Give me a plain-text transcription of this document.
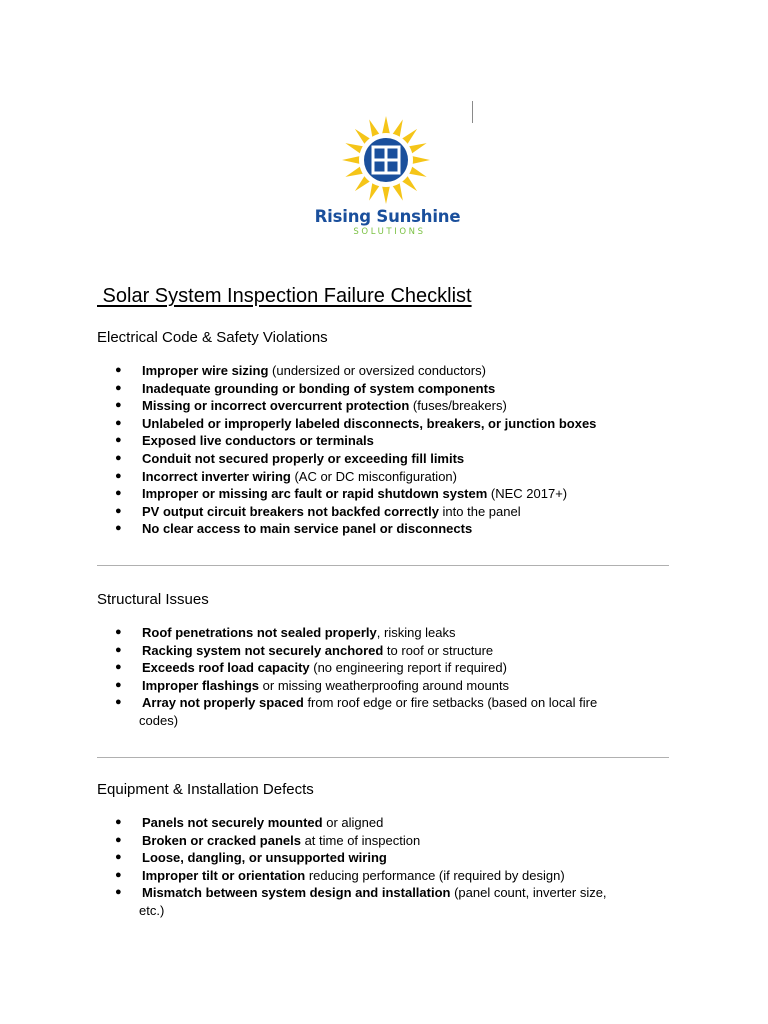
Rising Sunshine
SOLUTIONS
Solar System Inspection Failure Checklist
Electrical Code & Safety Violations
● Improper wire sizing (undersized or oversized conductors)
● Inadequate grounding or bonding of system components
● Missing or incorrect overcurrent protection (fuses/breakers)
● Unlabeled or improperly labeled disconnects, breakers, or junction boxes
● Exposed live conductors or terminals
● Conduit not secured properly or exceeding fill limits
● Incorrect inverter wiring (AC or DC misconfiguration)
● Improper or missing arc fault or rapid shutdown system (NEC 2017+)
● PV output circuit breakers not backfed correctly into the panel
● No clear access to main service panel or disconnects
Structural Issues
● Roof penetrations not sealed properly, risking leaks
● Racking system not securely anchored to roof or structure
● Exceeds roof load capacity (no engineering report if required)
● Improper flashings or missing weatherproofing around mounts
● Array not properly spaced from roof edge or fire setbacks (based on local fire
codes)
Equipment & Installation Defects
● Panels not securely mounted or aligned
● Broken or cracked panels at time of inspection
● Loose, dangling, or unsupported wiring
● Improper tilt or orientation reducing performance (if required by design)
● Mismatch between system design and installation (panel count, inverter size,
etc.)
